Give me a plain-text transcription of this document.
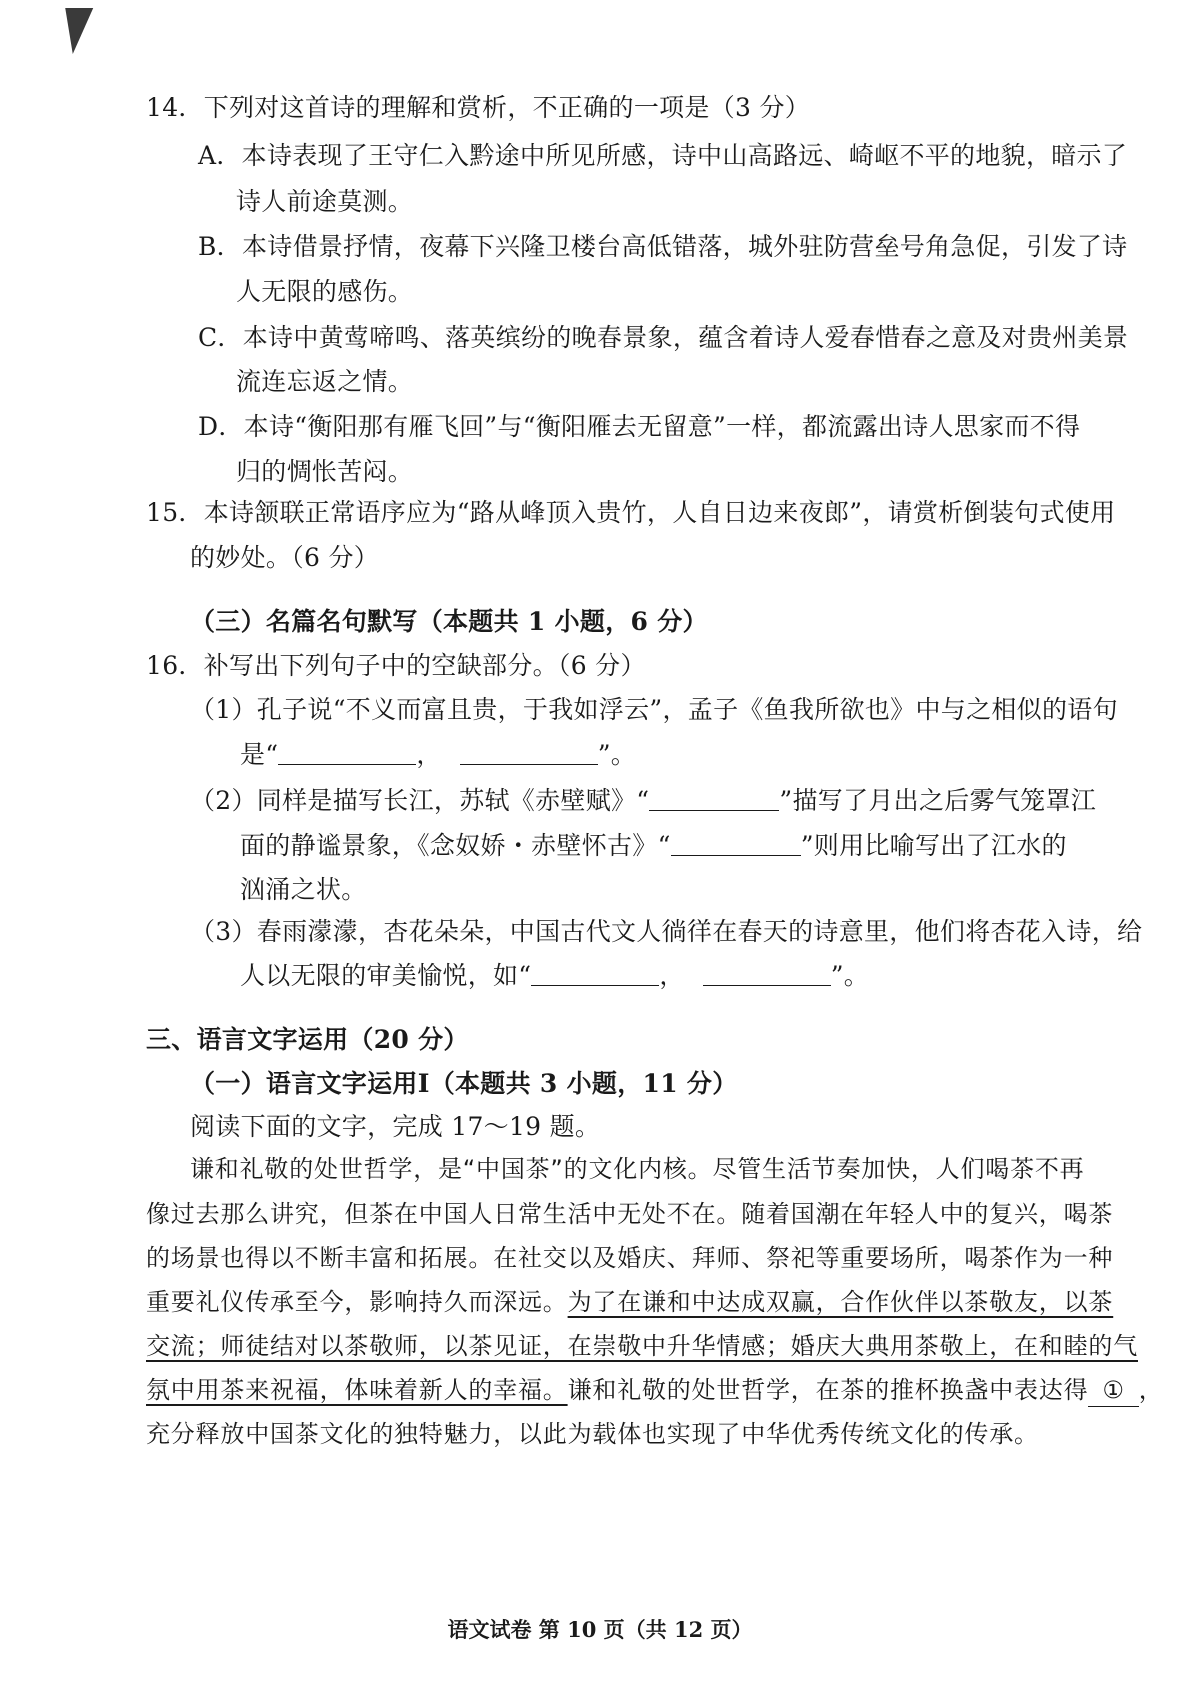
14．下列对这首诗的理解和赏析，不正确的一项是（3 分）
A．本诗表现了王守仁入黔途中所见所感，诗中山高路远、崎岖不平的地貌，暗示了
诗人前途莫测。
B．本诗借景抒情，夜幕下兴隆卫楼台高低错落，城外驻防营垒号角急促，引发了诗
人无限的感伤。
C．本诗中黄莺啼鸣、落英缤纷的晚春景象，蕴含着诗人爱春惜春之意及对贵州美景
流连忘返之情。
D．本诗“衡阳那有雁飞回”与“衡阳雁去无留意”一样，都流露出诗人思家而不得
归的惆怅苦闷。
15．本诗颔联正常语序应为“路从峰顶入贵竹，人自日边来夜郎”，请赏析倒装句式使用
的妙处。（6 分）
（三）名篇名句默写（本题共 1 小题，6 分）
16．补写出下列句子中的空缺部分。（6 分）
（1）孔子说“不义而富且贵，于我如浮云”，孟子《鱼我所欲也》中与之相似的语句
是“	，	”。
（2）同样是描写长江，苏轼《赤壁赋》“	”描写了月出之后雾气笼罩江
面的静谧景象，《念奴娇・赤壁怀古》“	”则用比喻写出了江水的
汹涌之状。
（3）春雨濛濛，杏花朵朵，中国古代文人徜徉在春天的诗意里，他们将杏花入诗，给
人以无限的审美愉悦，如“	，	”。
三、语言文字运用（20 分）
（一）语言文字运用Ⅰ（本题共 3 小题，11 分）
阅读下面的文字，完成 17～19 题。
谦和礼敬的处世哲学，是“中国茶”的文化内核。尽管生活节奏加快，人们喝茶不再
像过去那么讲究，但茶在中国人日常生活中无处不在。随着国潮在年轻人中的复兴，喝茶
的场景也得以不断丰富和拓展。在社交以及婚庆、拜师、祭祀等重要场所，喝茶作为一种
重要礼仪传承至今，影响持久而深远。为了在谦和中达成双赢，合作伙伴以茶敬友，以茶
交流；师徒结对以茶敬师，以茶见证，在崇敬中升华情感；婚庆大典用茶敬上，在和睦的气
氛中用茶来祝福，体味着新人的幸福。谦和礼敬的处世哲学，在茶的推杯换盏中表达得 ① ，
充分释放中国茶文化的独特魅力，以此为载体也实现了中华优秀传统文化的传承。
语文试卷 第 10 页（共 12 页）
